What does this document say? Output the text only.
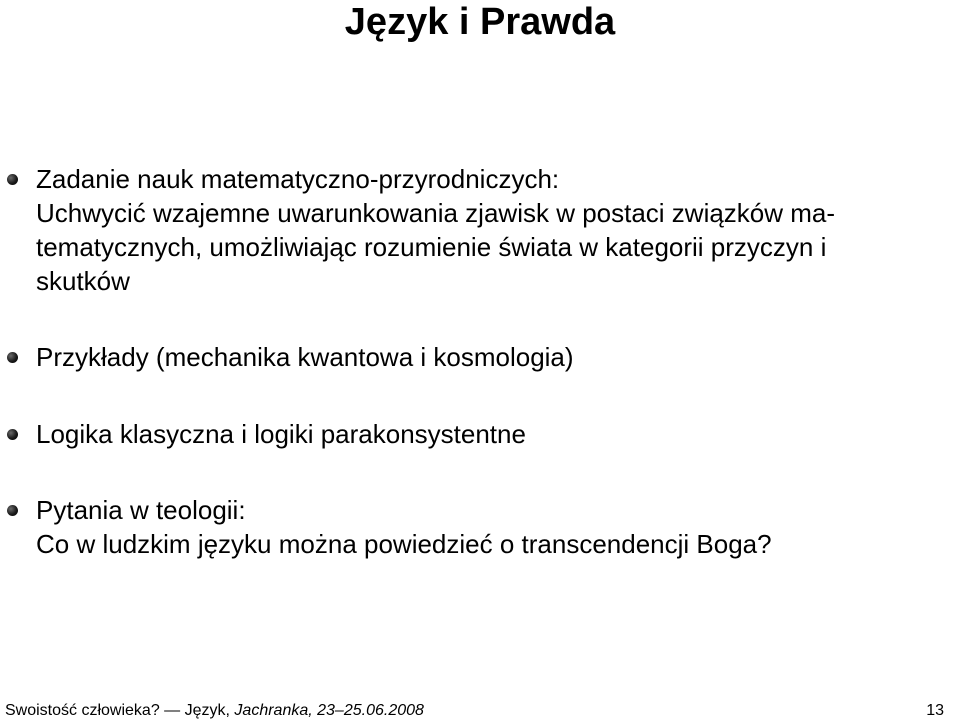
Język i Prawda
Zadanie nauk matematyczno-przyrodniczych:
Uchwycić wzajemne uwarunkowania zjawisk w postaci związków ma-
tematycznych, umożliwiając rozumienie świata w kategorii przyczyn i
skutków
Przykłady (mechanika kwantowa i kosmologia)
Logika klasyczna i logiki parakonsystentne
Pytania w teologii:
Co w ludzkim języku można powiedzieć o transcendencji Boga?
Swoistość człowieka? — Język, Jachranka, 23–25.06.2008	13
